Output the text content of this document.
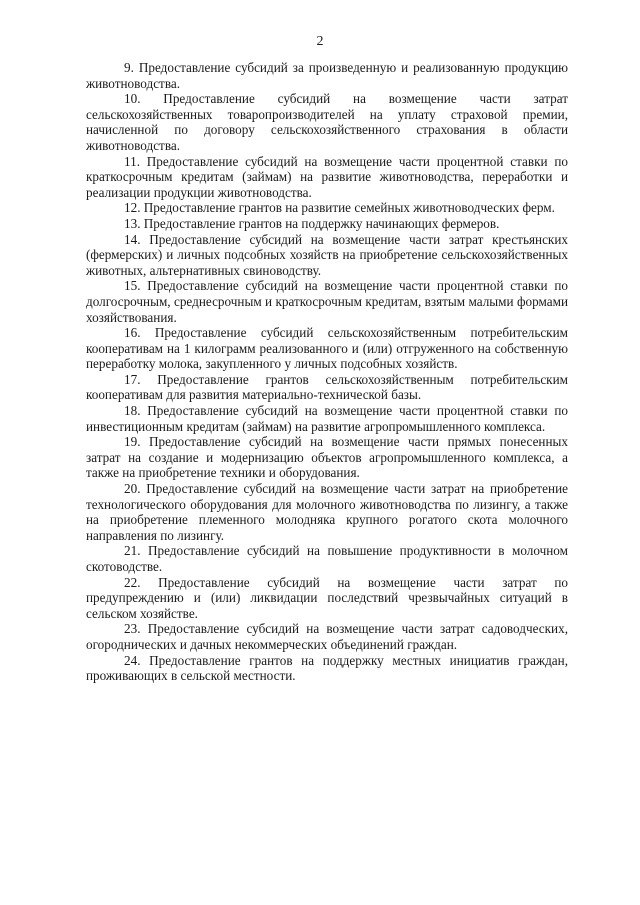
2

9. Предоставление субсидий за произведенную и реализованную продукцию животноводства.

10. Предоставление субсидий на возмещение части затрат сельскохозяйственных товаропроизводителей на уплату страховой премии, начисленной по договору сельскохозяйственного страхования в области животноводства.

11. Предоставление субсидий на возмещение части процентной ставки по краткосрочным кредитам (займам) на развитие животноводства, переработки и реализации продукции животноводства.

12. Предоставление грантов на развитие семейных животноводческих ферм.

13. Предоставление грантов на поддержку начинающих фермеров.

14. Предоставление субсидий на возмещение части затрат крестьянских (фермерских) и личных подсобных хозяйств на приобретение сельскохозяйственных животных, альтернативных свиноводству.

15. Предоставление субсидий на возмещение части процентной ставки по долгосрочным, среднесрочным и краткосрочным кредитам, взятым малыми формами хозяйствования.

16. Предоставление субсидий сельскохозяйственным потребительским кооперативам на 1 килограмм реализованного и (или) отгруженного на собственную переработку молока, закупленного у личных подсобных хозяйств.

17. Предоставление грантов сельскохозяйственным потребительским кооперативам для развития материально-технической базы.

18. Предоставление субсидий на возмещение части процентной ставки по инвестиционным кредитам (займам) на развитие агропромышленного комплекса.

19. Предоставление субсидий на возмещение части прямых понесенных затрат на создание и модернизацию объектов агропромышленного комплекса, а также на приобретение техники и оборудования.

20. Предоставление субсидий на возмещение части затрат на приобретение технологического оборудования для молочного животноводства по лизингу, а также на приобретение племенного молодняка крупного рогатого скота молочного направления по лизингу.

21. Предоставление субсидий на повышение продуктивности в молочном скотоводстве.

22. Предоставление субсидий на возмещение части затрат по предупреждению и (или) ликвидации последствий чрезвычайных ситуаций в сельском хозяйстве.

23. Предоставление субсидий на возмещение части затрат садоводческих, огороднических и дачных некоммерческих объединений граждан.

24. Предоставление грантов на поддержку местных инициатив граждан, проживающих в сельской местности.
